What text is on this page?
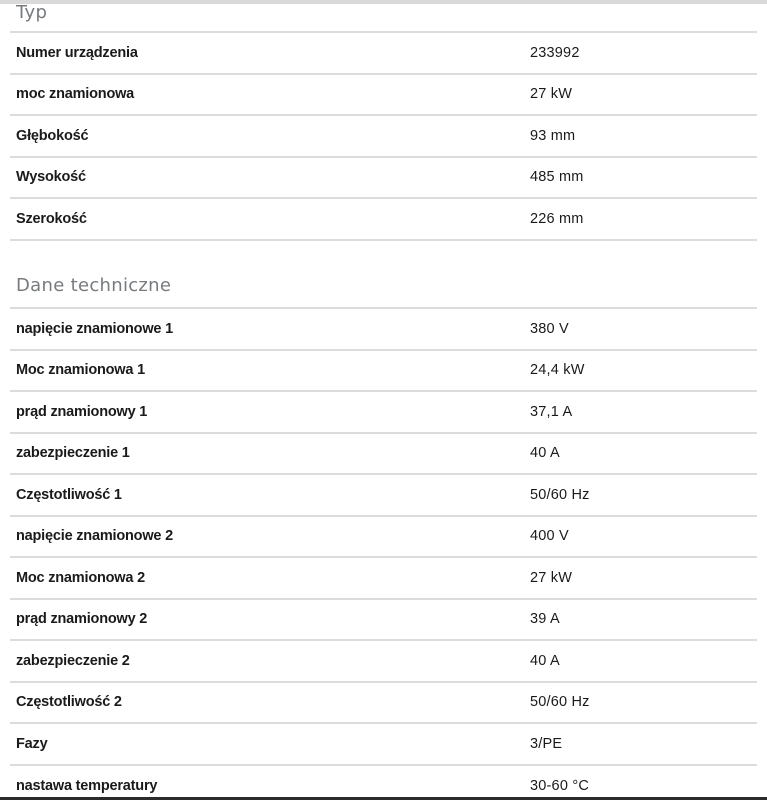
Typ
Numer urządzenia	233992
moc znamionowa	27 kW
Głębokość	93 mm
Wysokość	485 mm
Szerokość	226 mm
Dane techniczne
napięcie znamionowe 1	380 V
Moc znamionowa 1	24,4 kW
prąd znamionowy 1	37,1 A
zabezpieczenie 1	40 A
Częstotliwość 1	50/60 Hz
napięcie znamionowe 2	400 V
Moc znamionowa 2	27 kW
prąd znamionowy 2	39 A
zabezpieczenie 2	40 A
Częstotliwość 2	50/60 Hz
Fazy	3/PE
nastawa temperatury	30-60 °C
